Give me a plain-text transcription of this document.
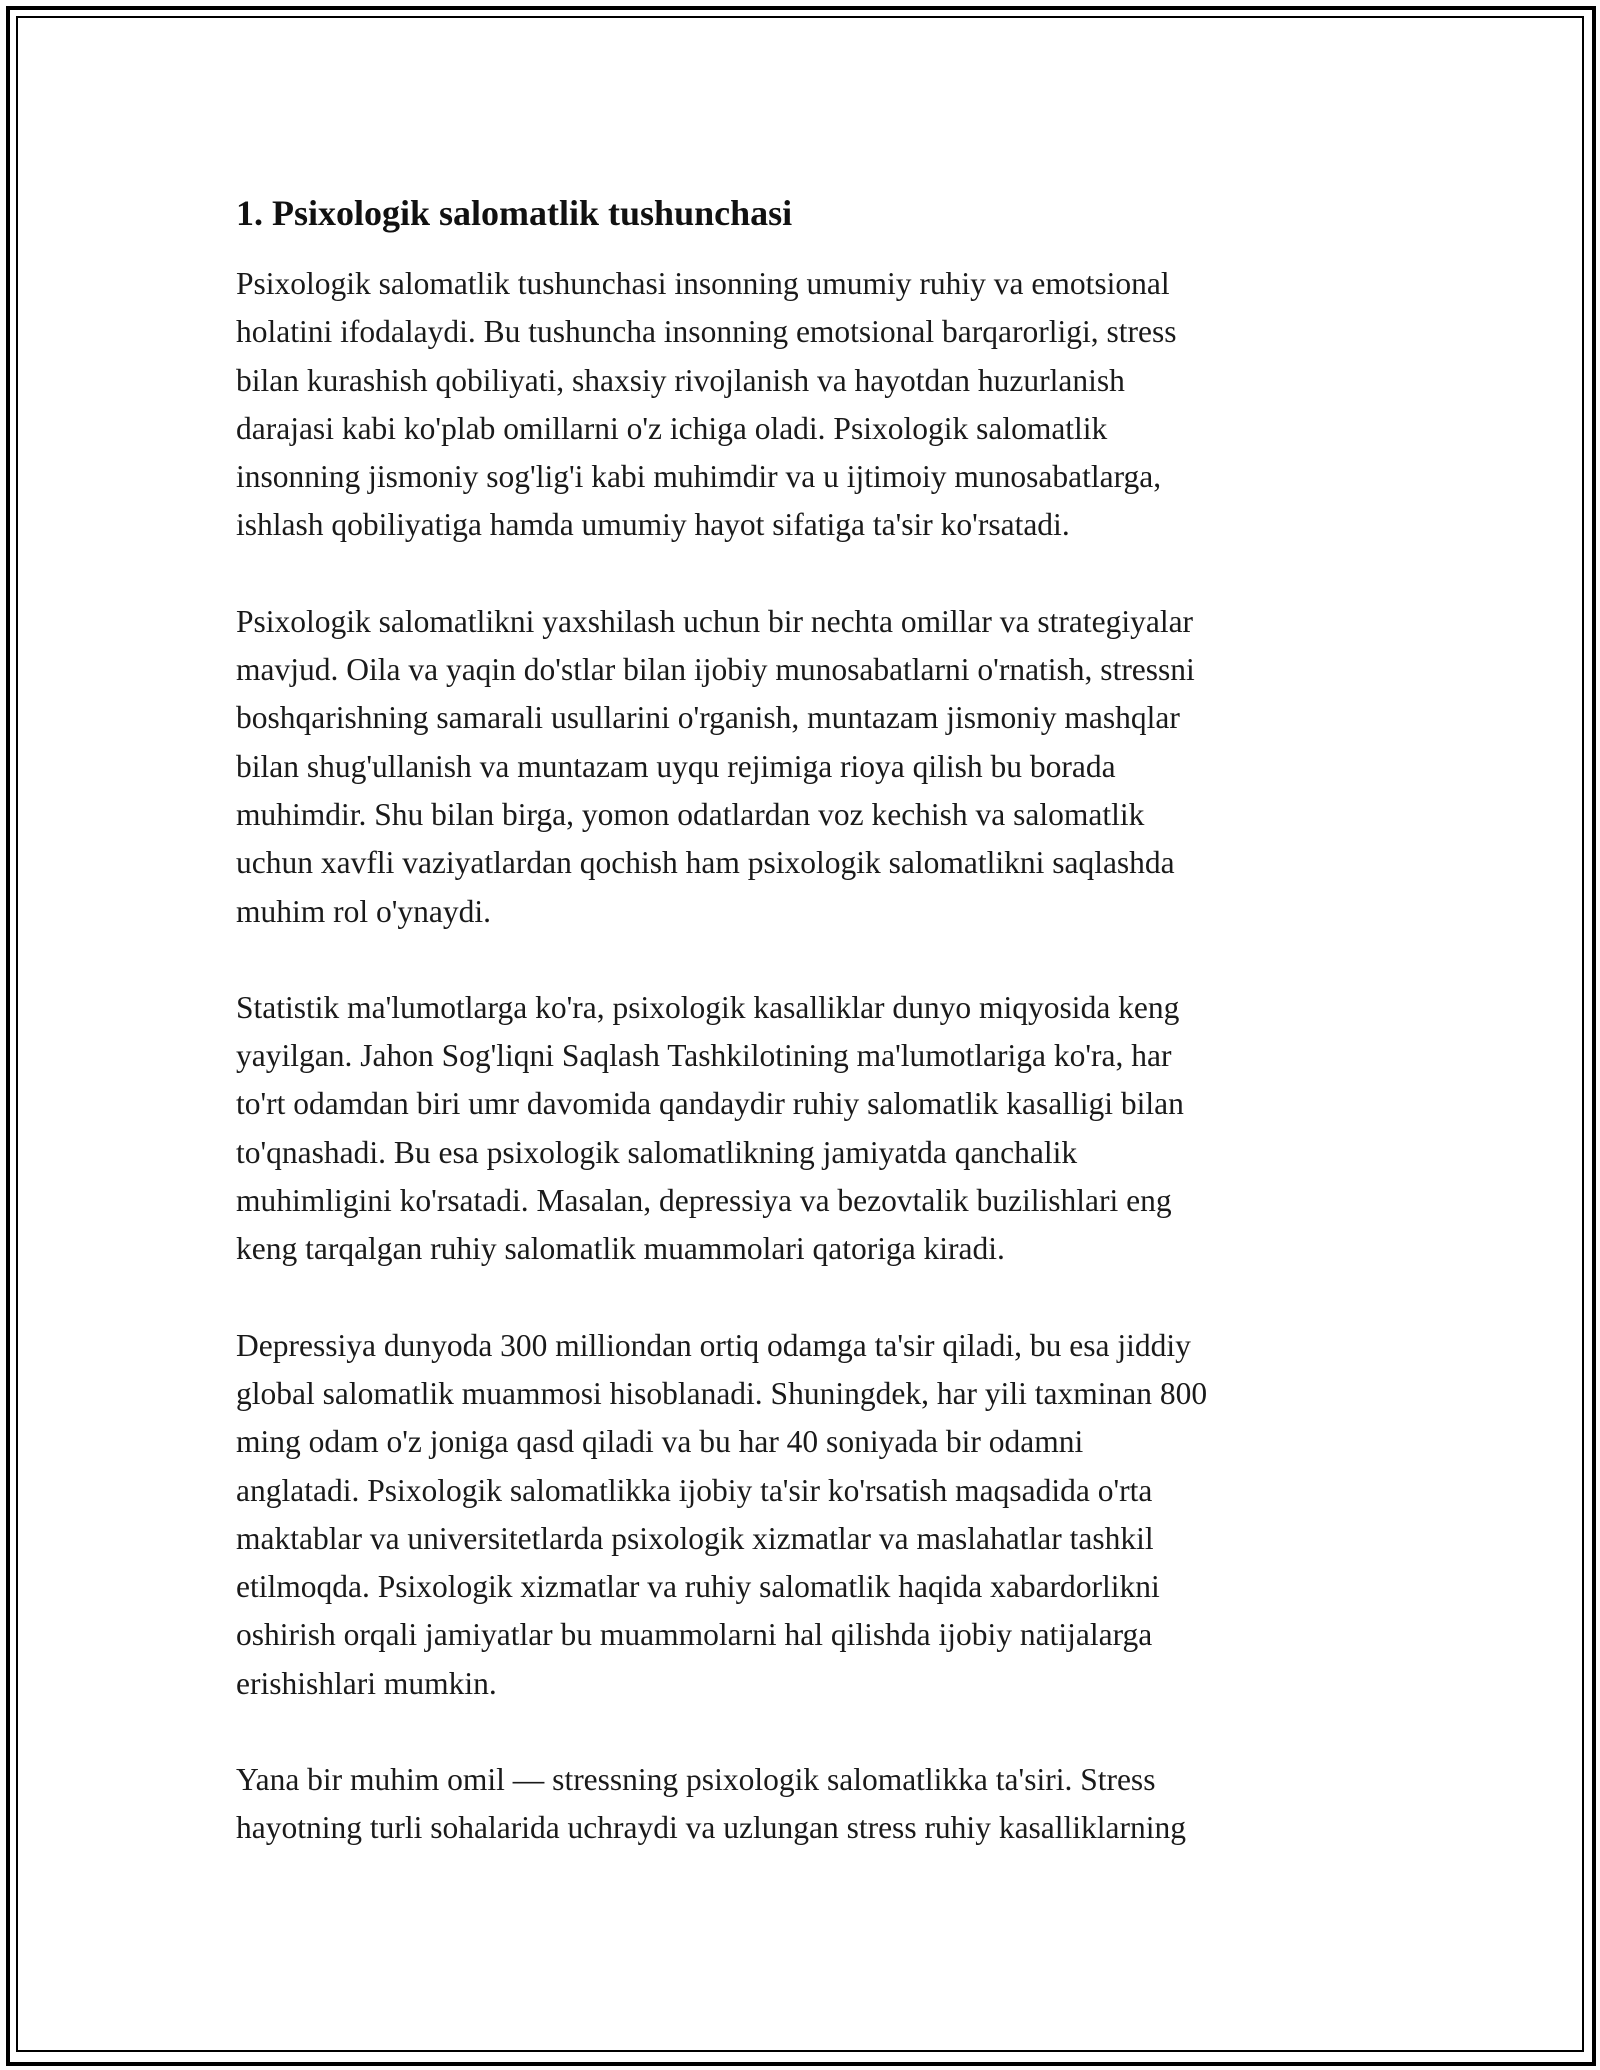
1. Psixologik salomatlik tushunchasi

Psixologik salomatlik tushunchasi insonning umumiy ruhiy va emotsional
holatini ifodalaydi. Bu tushuncha insonning emotsional barqarorligi, stress
bilan kurashish qobiliyati, shaxsiy rivojlanish va hayotdan huzurlanish
darajasi kabi ko'plab omillarni o'z ichiga oladi. Psixologik salomatlik
insonning jismoniy sog'lig'i kabi muhimdir va u ijtimoiy munosabatlarga,
ishlash qobiliyatiga hamda umumiy hayot sifatiga ta'sir ko'rsatadi.

Psixologik salomatlikni yaxshilash uchun bir nechta omillar va strategiyalar
mavjud. Oila va yaqin do'stlar bilan ijobiy munosabatlarni o'rnatish, stressni
boshqarishning samarali usullarini o'rganish, muntazam jismoniy mashqlar
bilan shug'ullanish va muntazam uyqu rejimiga rioya qilish bu borada
muhimdir. Shu bilan birga, yomon odatlardan voz kechish va salomatlik
uchun xavfli vaziyatlardan qochish ham psixologik salomatlikni saqlashda
muhim rol o'ynaydi.

Statistik ma'lumotlarga ko'ra, psixologik kasalliklar dunyo miqyosida keng
yayilgan. Jahon Sog'liqni Saqlash Tashkilotining ma'lumotlariga ko'ra, har
to'rt odamdan biri umr davomida qandaydir ruhiy salomatlik kasalligi bilan
to'qnashadi. Bu esa psixologik salomatlikning jamiyatda qanchalik
muhimligini ko'rsatadi. Masalan, depressiya va bezovtalik buzilishlari eng
keng tarqalgan ruhiy salomatlik muammolari qatoriga kiradi.

Depressiya dunyoda 300 milliondan ortiq odamga ta'sir qiladi, bu esa jiddiy
global salomatlik muammosi hisoblanadi. Shuningdek, har yili taxminan 800
ming odam o'z joniga qasd qiladi va bu har 40 soniyada bir odamni
anglatadi. Psixologik salomatlikka ijobiy ta'sir ko'rsatish maqsadida o'rta
maktablar va universitetlarda psixologik xizmatlar va maslahatlar tashkil
etilmoqda. Psixologik xizmatlar va ruhiy salomatlik haqida xabardorlikni
oshirish orqali jamiyatlar bu muammolarni hal qilishda ijobiy natijalarga
erishishlari mumkin.

Yana bir muhim omil — stressning psixologik salomatlikka ta'siri. Stress
hayotning turli sohalarida uchraydi va uzlungan stress ruhiy kasalliklarning
